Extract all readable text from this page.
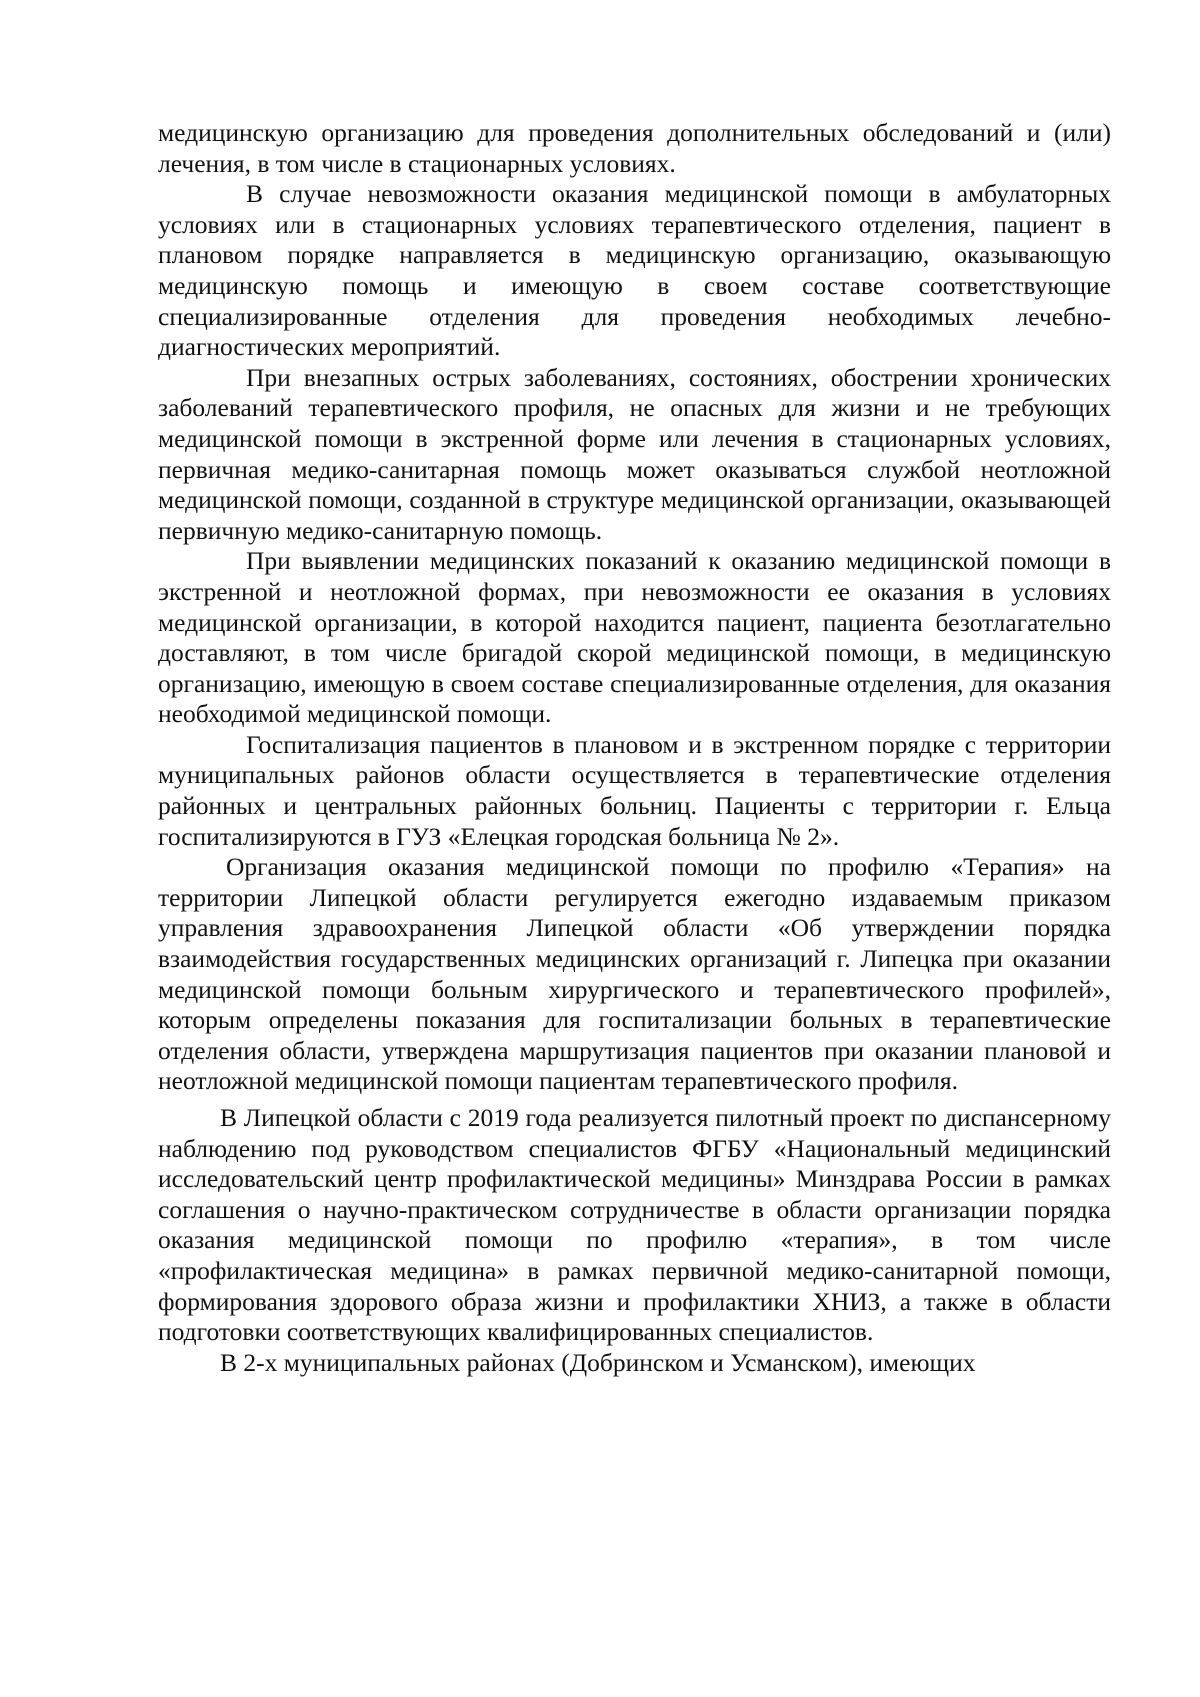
медицинскую организацию для проведения дополнительных обследований и (или) лечения, в том числе в стационарных условиях.

В случае невозможности оказания медицинской помощи в амбулаторных условиях или в стационарных условиях терапевтического отделения, пациент в плановом порядке направляется в медицинскую организацию, оказывающую медицинскую помощь и имеющую в своем составе соответствующие специализированные отделения для проведения необходимых лечебно-диагностических мероприятий.

При внезапных острых заболеваниях, состояниях, обострении хронических заболеваний терапевтического профиля, не опасных для жизни и не требующих медицинской помощи в экстренной форме или лечения в стационарных условиях, первичная медико-санитарная помощь может оказываться службой неотложной медицинской помощи, созданной в структуре медицинской организации, оказывающей первичную медико-санитарную помощь.

При выявлении медицинских показаний к оказанию медицинской помощи в экстренной и неотложной формах, при невозможности ее оказания в условиях медицинской организации, в которой находится пациент, пациента безотлагательно доставляют, в том числе бригадой скорой медицинской помощи, в медицинскую организацию, имеющую в своем составе специализированные отделения, для оказания необходимой медицинской помощи.

Госпитализация пациентов в плановом и в экстренном порядке с территории муниципальных районов области осуществляется в терапевтические отделения районных и центральных районных больниц. Пациенты с территории г. Ельца госпитализируются в ГУЗ «Елецкая городская больница № 2».

Организация оказания медицинской помощи по профилю «Терапия» на территории Липецкой области регулируется ежегодно издаваемым приказом управления здравоохранения Липецкой области «Об утверждении порядка взаимодействия государственных медицинских организаций г. Липецка при оказании медицинской помощи больным хирургического и терапевтического профилей», которым определены показания для госпитализации больных в терапевтические отделения области, утверждена маршрутизация пациентов при оказании плановой и неотложной медицинской помощи пациентам терапевтического профиля.

В Липецкой области с 2019 года реализуется пилотный проект по диспансерному наблюдению под руководством специалистов ФГБУ «Национальный медицинский исследовательский центр профилактической медицины» Минздрава России в рамках соглашения о научно-практическом сотрудничестве в области организации порядка оказания медицинской помощи по профилю «терапия», в том числе «профилактическая медицина» в рамках первичной медико-санитарной помощи, формирования здорового образа жизни и профилактики ХНИЗ, а также в области подготовки соответствующих квалифицированных специалистов.

В 2-х муниципальных районах (Добринском и Усманском), имеющих
